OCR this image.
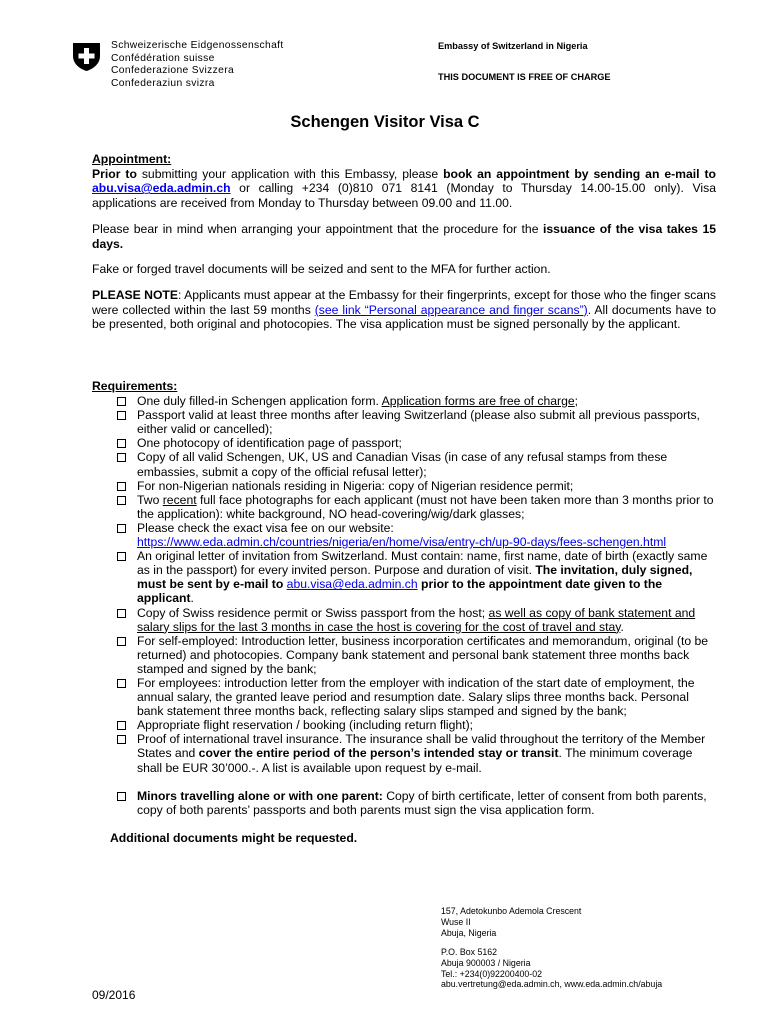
Schweizerische Eidgenossenschaft
Confédération suisse
Confederazione Svizzera
Confederaziun svizra
Embassy of Switzerland in Nigeria
THIS DOCUMENT IS FREE OF CHARGE
Schengen Visitor Visa C
Appointment:
Prior to submitting your application with this Embassy, please book an appointment by sending an e-mail to abu.visa@eda.admin.ch or calling +234 (0)810 071 8141 (Monday to Thursday 14.00-15.00 only). Visa applications are received from Monday to Thursday between 09.00 and 11.00.
Please bear in mind when arranging your appointment that the procedure for the issuance of the visa takes 15 days.
Fake or forged travel documents will be seized and sent to the MFA for further action.
PLEASE NOTE: Applicants must appear at the Embassy for their fingerprints, except for those who the finger scans were collected within the last 59 months (see link “Personal appearance and finger scans”). All documents have to be presented, both original and photocopies. The visa application must be signed personally by the applicant.
Requirements:
One duly filled-in Schengen application form. Application forms are free of charge;
Passport valid at least three months after leaving Switzerland (please also submit all previous passports, either valid or cancelled);
One photocopy of identification page of passport;
Copy of all valid Schengen, UK, US and Canadian Visas (in case of any refusal stamps from these embassies, submit a copy of the official refusal letter);
For non-Nigerian nationals residing in Nigeria: copy of Nigerian residence permit;
Two recent full face photographs for each applicant (must not have been taken more than 3 months prior to the application): white background, NO head-covering/wig/dark glasses;
Please check the exact visa fee on our website:
https://www.eda.admin.ch/countries/nigeria/en/home/visa/entry-ch/up-90-days/fees-schengen.html
An original letter of invitation from Switzerland. Must contain: name, first name, date of birth (exactly same as in the passport) for every invited person. Purpose and duration of visit. The invitation, duly signed, must be sent by e-mail to abu.visa@eda.admin.ch prior to the appointment date given to the applicant.
Copy of Swiss residence permit or Swiss passport from the host; as well as copy of bank statement and salary slips for the last 3 months in case the host is covering for the cost of travel and stay.
For self-employed: Introduction letter, business incorporation certificates and memorandum, original (to be returned) and photocopies. Company bank statement and personal bank statement three months back stamped and signed by the bank;
For employees: introduction letter from the employer with indication of the start date of employment, the annual salary, the granted leave period and resumption date. Salary slips three months back. Personal bank statement three months back, reflecting salary slips stamped and signed by the bank;
Appropriate flight reservation / booking (including return flight);
Proof of international travel insurance. The insurance shall be valid throughout the territory of the Member States and cover the entire period of the person’s intended stay or transit. The minimum coverage shall be EUR 30’000.-. A list is available upon request by e-mail.
Minors travelling alone or with one parent: Copy of birth certificate, letter of consent from both parents, copy of both parents’ passports and both parents must sign the visa application form.
Additional documents might be requested.
157, Adetokunbo Ademola Crescent
Wuse II
Abuja, Nigeria
P.O. Box 5162
Abuja 900003 / Nigeria
Tel.: +234(0)92200400-02
abu.vertretung@eda.admin.ch, www.eda.admin.ch/abuja
09/2016
